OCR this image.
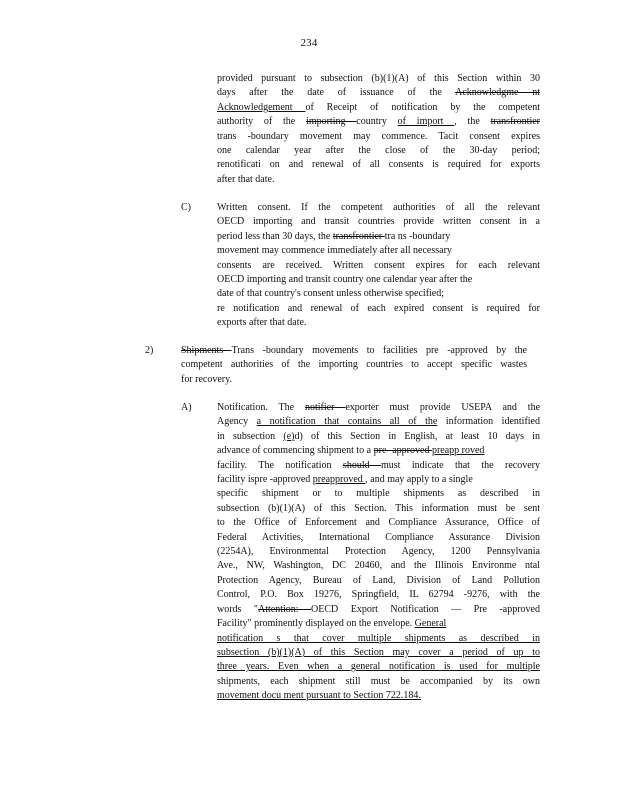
234
provided pursuant to subsection (b)(1)(A) of this Section within 30
days after the date of issuance of the Acknowledgme nt
Acknowledgement of Receipt of notification by the competent
authority of the importing country of import , the transfrontier
trans -boundary movement may commence. Tacit consent expires
one calendar year after the close of the 30-day period;
renotificati on and renewal of all consents is required for exports
after that date.
C)	Written consent. If the competent authorities of all the relevant
OECD importing and transit countries provide written consent in a
period less than 30 days, the transfrontier tra ns -boundary
movement may commence immediately after all necessary
consents are received. Written consent expires for each relevant
OECD importing and transit country one calendar year after the
date of that country's consent unless otherwise specified;
re notification and renewal of each expired consent is required for
exports after that date.
2)	Shipments Trans -boundary movements to facilities pre -approved by the
competent authorities of the importing countries to accept specific wastes
for recovery.
A)	Notification. The notifier exporter must provide USEPA and the
Agency a notification that contains all of the information identified
in subsection (e)d) of this Section in English, at least 10 days in
advance of commencing shipment to a pre -approved preapp roved
facility. The notification should must indicate that the recovery
facility ispre -approved preapproved , and may apply to a single
specific shipment or to multiple shipments as described in
subsection (b)(1)(A) of this Section. This information must be sent
to the Office of Enforcement and Compliance Assurance, Office of
Federal Activities, International Compliance Assurance Division
(2254A), Environmental Protection Agency, 1200 Pennsylvania
Ave., NW, Washington, DC 20460, and the Illinois Environme ntal
Protection Agency, Bureau of Land, Division of Land Pollution
Control, P.O. Box 19276, Springfield, IL 62794 -9276, with the
words "Attention: OECD Export Notification — Pre -approved
Facility" prominently displayed on the envelope. General
notification s that cover multiple shipments as described in
subsection (b)(1)(A) of this Section may cover a period of up to
three years. Even when a general notification is used for multiple
shipments, each shipment still must be accompanied by its own
movement docu ment pursuant to Section 722.184.
